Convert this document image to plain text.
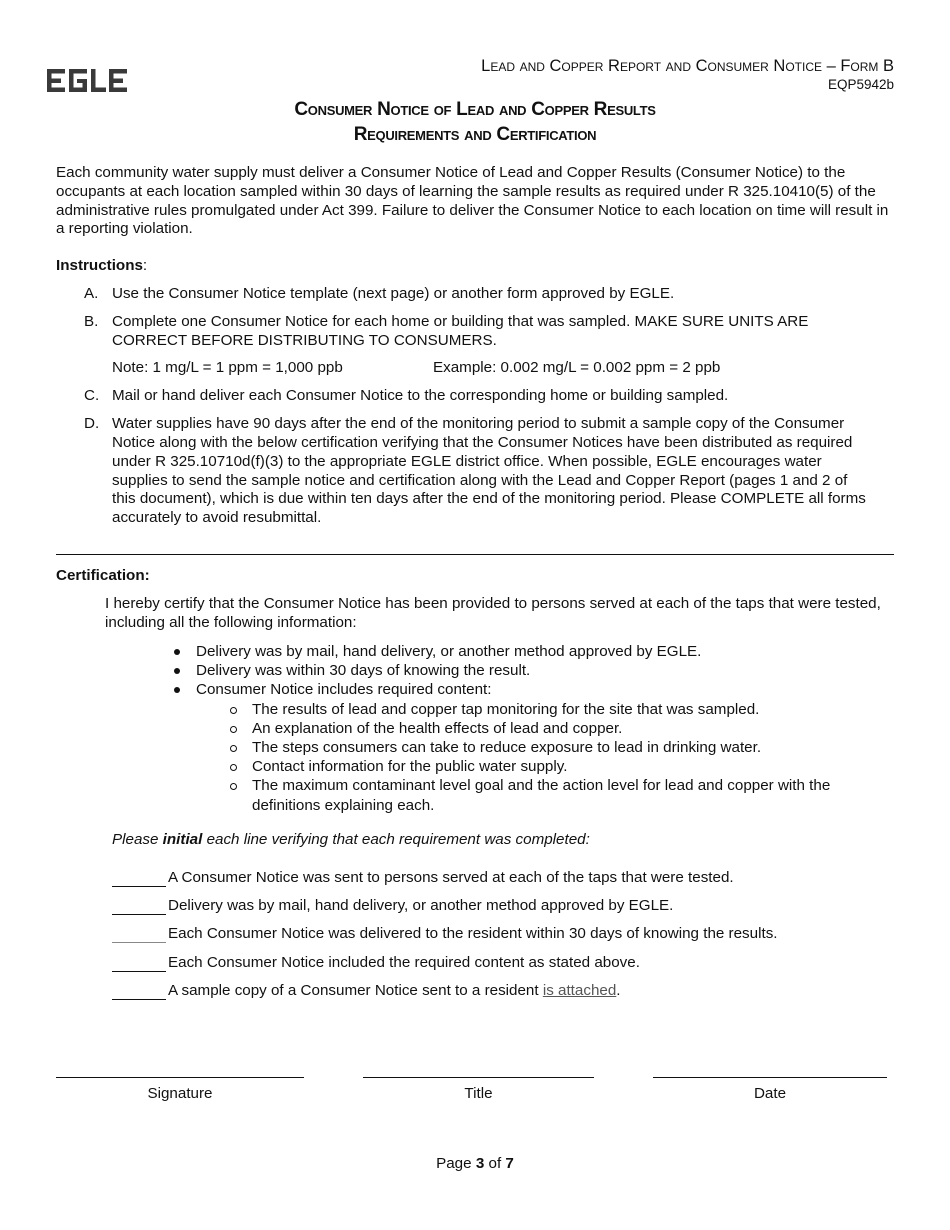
Lead and Copper Report and Consumer Notice – Form B
EQP5942b
Consumer Notice of Lead and Copper Results
Requirements and Certification
Each community water supply must deliver a Consumer Notice of Lead and Copper Results (Consumer Notice) to the occupants at each location sampled within 30 days of learning the sample results as required under R 325.10410(5) of the administrative rules promulgated under Act 399. Failure to deliver the Consumer Notice to each location on time will result in a reporting violation.
Instructions:
A. Use the Consumer Notice template (next page) or another form approved by EGLE.
B. Complete one Consumer Notice for each home or building that was sampled. MAKE SURE UNITS ARE CORRECT BEFORE DISTRIBUTING TO CONSUMERS.
Note: 1 mg/L = 1 ppm = 1,000 ppb	Example: 0.002 mg/L = 0.002 ppm = 2 ppb
C. Mail or hand deliver each Consumer Notice to the corresponding home or building sampled.
D. Water supplies have 90 days after the end of the monitoring period to submit a sample copy of the Consumer Notice along with the below certification verifying that the Consumer Notices have been distributed as required under R 325.10710d(f)(3) to the appropriate EGLE district office. When possible, EGLE encourages water supplies to send the sample notice and certification along with the Lead and Copper Report (pages 1 and 2 of this document), which is due within ten days after the end of the monitoring period. Please COMPLETE all forms accurately to avoid resubmittal.
Certification:
I hereby certify that the Consumer Notice has been provided to persons served at each of the taps that were tested, including all the following information:
Delivery was by mail, hand delivery, or another method approved by EGLE.
Delivery was within 30 days of knowing the result.
Consumer Notice includes required content:
The results of lead and copper tap monitoring for the site that was sampled.
An explanation of the health effects of lead and copper.
The steps consumers can take to reduce exposure to lead in drinking water.
Contact information for the public water supply.
The maximum contaminant level goal and the action level for lead and copper with the definitions explaining each.
Please initial each line verifying that each requirement was completed:
A Consumer Notice was sent to persons served at each of the taps that were tested.
Delivery was by mail, hand delivery, or another method approved by EGLE.
Each Consumer Notice was delivered to the resident within 30 days of knowing the results.
Each Consumer Notice included the required content as stated above.
A sample copy of a Consumer Notice sent to a resident is attached.
Signature	Title	Date
Page 3 of 7
